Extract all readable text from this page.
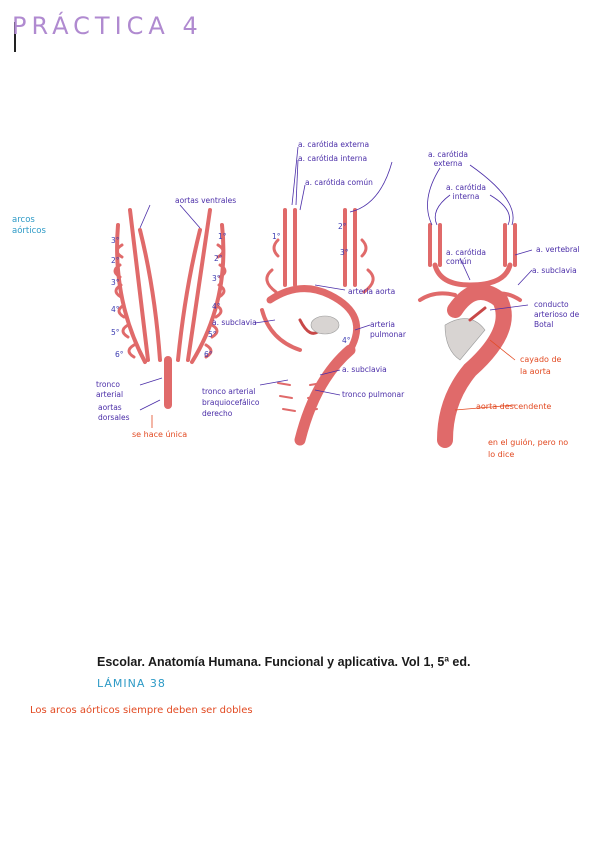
PRÁCTICA 4
arcos
aórticos
aortas ventrales
3°
2°
3°
4°
5°
6°
1°
2°
3°
4°
5°
6°
tronco
arterial
aortas
dorsales
se hace única
a. carótida externa
a. carótida interna
a. carótida común
1°
2°
3°
4°
arteria aorta
a. subclavia	arteria
pulmonar
a. subclavia
tronco arterial
braquiocefálico
derecho
tronco pulmonar
a. carótida
externa
a. carótida
interna
a. carótida
común
a. vertebral
a. subclavia
conducto
arterioso de
Botal
cayado de
la aorta
aorta descendente
en el guión, pero no
lo dice
Escolar. Anatomía Humana. Funcional y aplicativa. Vol 1, 5ª ed.
LÁMINA 38
Los arcos aórticos siempre deben ser dobles
